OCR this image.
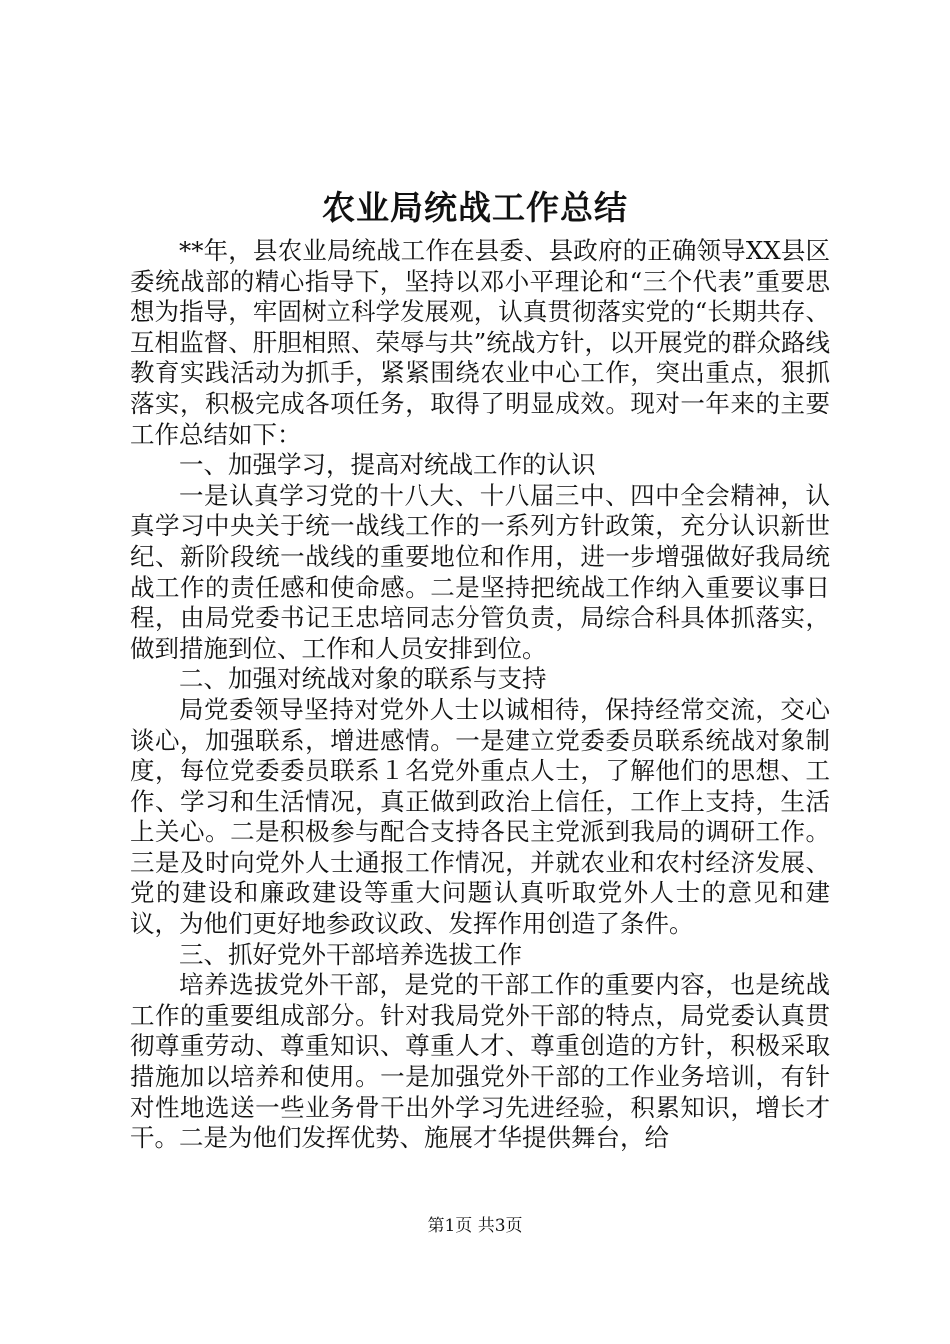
农业局统战工作总结

**年，县农业局统战工作在县委、县政府的正确领导XX县区委统战部的精心指导下，坚持以邓小平理论和“三个代表”重要思想为指导，牢固树立科学发展观，认真贯彻落实党的“长期共存、互相监督、肝胆相照、荣辱与共”统战方针，以开展党的群众路线教育实践活动为抓手，紧紧围绕农业中心工作，突出重点，狠抓落实，积极完成各项任务，取得了明显成效。现对一年来的主要工作总结如下：

一、加强学习，提高对统战工作的认识

一是认真学习党的十八大、十八届三中、四中全会精神，认真学习中央关于统一战线工作的一系列方针政策，充分认识新世纪、新阶段统一战线的重要地位和作用，进一步增强做好我局统战工作的责任感和使命感。二是坚持把统战工作纳入重要议事日程，由局党委书记王忠培同志分管负责，局综合科具体抓落实，做到措施到位、工作和人员安排到位。

二、加强对统战对象的联系与支持

局党委领导坚持对党外人士以诚相待，保持经常交流，交心谈心，加强联系，增进感情。一是建立党委委员联系统战对象制度，每位党委委员联系１名党外重点人士，了解他们的思想、工作、学习和生活情况，真正做到政治上信任，工作上支持，生活上关心。二是积极参与配合支持各民主党派到我局的调研工作。三是及时向党外人士通报工作情况，并就农业和农村经济发展、党的建设和廉政建设等重大问题认真听取党外人士的意见和建议，为他们更好地参政议政、发挥作用创造了条件。

三、抓好党外干部培养选拔工作

培养选拔党外干部，是党的干部工作的重要内容，也是统战工作的重要组成部分。针对我局党外干部的特点，局党委认真贯彻尊重劳动、尊重知识、尊重人才、尊重创造的方针，积极采取措施加以培养和使用。一是加强党外干部的工作业务培训，有针对性地选送一些业务骨干出外学习先进经验，积累知识，增长才干。二是为他们发挥优势、施展才华提供舞台，给

第1页 共3页
